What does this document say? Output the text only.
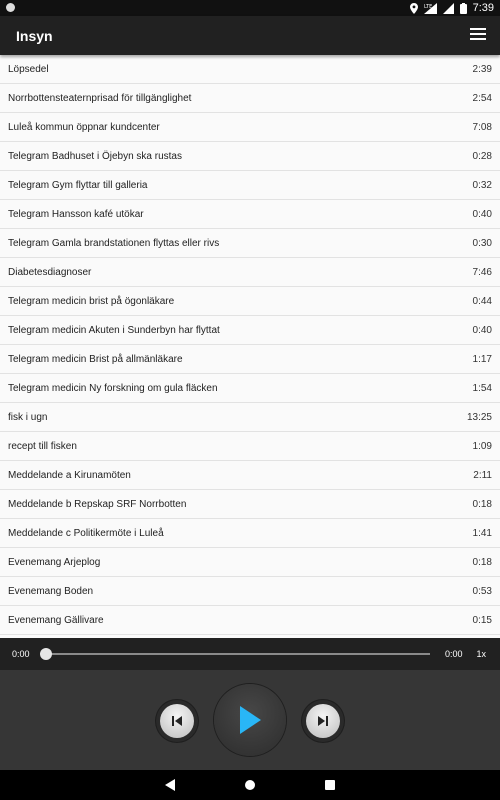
LTE	7:39
Insyn
Löpsedel	2:39
Norrbottensteaternprisad för tillgänglighet	2:54
Luleå kommun öppnar kundcenter	7:08
Telegram Badhuset i Öjebyn ska rustas	0:28
Telegram Gym flyttar till galleria	0:32
Telegram Hansson kafé utökar	0:40
Telegram Gamla brandstationen flyttas eller rivs	0:30
Diabetesdiagnoser	7:46
Telegram medicin brist på ögonläkare	0:44
Telegram medicin Akuten i Sunderbyn har flyttat	0:40
Telegram medicin Brist på allmänläkare	1:17
Telegram medicin Ny forskning om gula fläcken	1:54
fisk i ugn	13:25
recept till fisken	1:09
Meddelande a Kirunamöten	2:11
Meddelande b Repskap SRF Norrbotten	0:18
Meddelande c Politikermöte i Luleå	1:41
Evenemang Arjeplog	0:18
Evenemang Boden	0:53
Evenemang Gällivare	0:15
0:00	0:00 1x
